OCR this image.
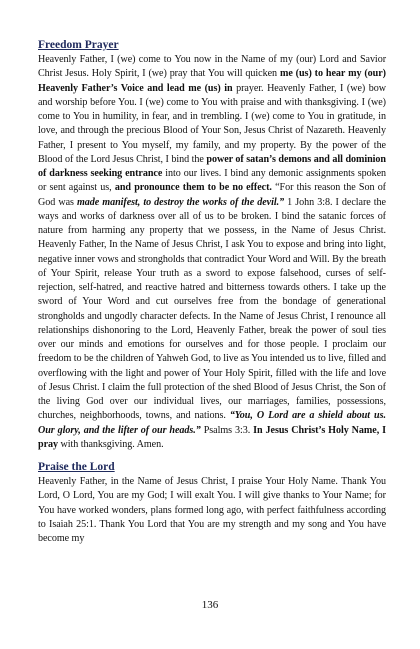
Freedom Prayer

Heavenly Father, I (we) come to You now in the Name of my (our) Lord and Savior Christ Jesus. Holy Spirit, I (we) pray that You will quicken me (us) to hear my (our) Heavenly Father’s Voice and lead me (us) in prayer. Heavenly Father, I (we) bow and worship before You. I (we) come to You with praise and with thanksgiving. I (we) come to You in humility, in fear, and in trembling. I (we) come to You in gratitude, in love, and through the precious Blood of Your Son, Jesus Christ of Nazareth. Heavenly Father, I present to You myself, my family, and my property. By the power of the Blood of the Lord Jesus Christ, I bind the power of satan’s demons and all dominion of darkness seeking entrance into our lives. I bind any demonic assignments spoken or sent against us, and pronounce them to be no effect. “For this reason the Son of God was made manifest, to destroy the works of the devil.” 1 John 3:8. I declare the ways and works of darkness over all of us to be broken. I bind the satanic forces of nature from harming any property that we possess, in the Name of Jesus Christ. Heavenly Father, In the Name of Jesus Christ, I ask You to expose and bring into light, negative inner vows and strongholds that contradict Your Word and Will. By the breath of Your Spirit, release Your truth as a sword to expose falsehood, curses of self-rejection, self-hatred, and reactive hatred and bitterness towards others. I take up the sword of Your Word and cut ourselves free from the bondage of generational strongholds and ungodly character defects. In the Name of Jesus Christ, I renounce all relationships dishonoring to the Lord, Heavenly Father, break the power of soul ties over our minds and emotions for ourselves and for those people. I proclaim our freedom to be the children of Yahweh God, to live as You intended us to live, filled and overflowing with the light and power of Your Holy Spirit, filled with the life and love of Jesus Christ. I claim the full protection of the shed Blood of Jesus Christ, the Son of the living God over our individual lives, our marriages, families, possessions, churches, neighborhoods, towns, and nations. “You, O Lord are a shield about us. Our glory, and the lifter of our heads.” Psalms 3:3. In Jesus Christ’s Holy Name, I pray with thanksgiving. Amen.

Praise the Lord

Heavenly Father, in the Name of Jesus Christ, I praise Your Holy Name. Thank You Lord, O Lord, You are my God; I will exalt You. I will give thanks to Your Name; for You have worked wonders, plans formed long ago, with perfect faithfulness according to Isaiah 25:1. Thank You Lord that You are my strength and my song and You have become my

136
